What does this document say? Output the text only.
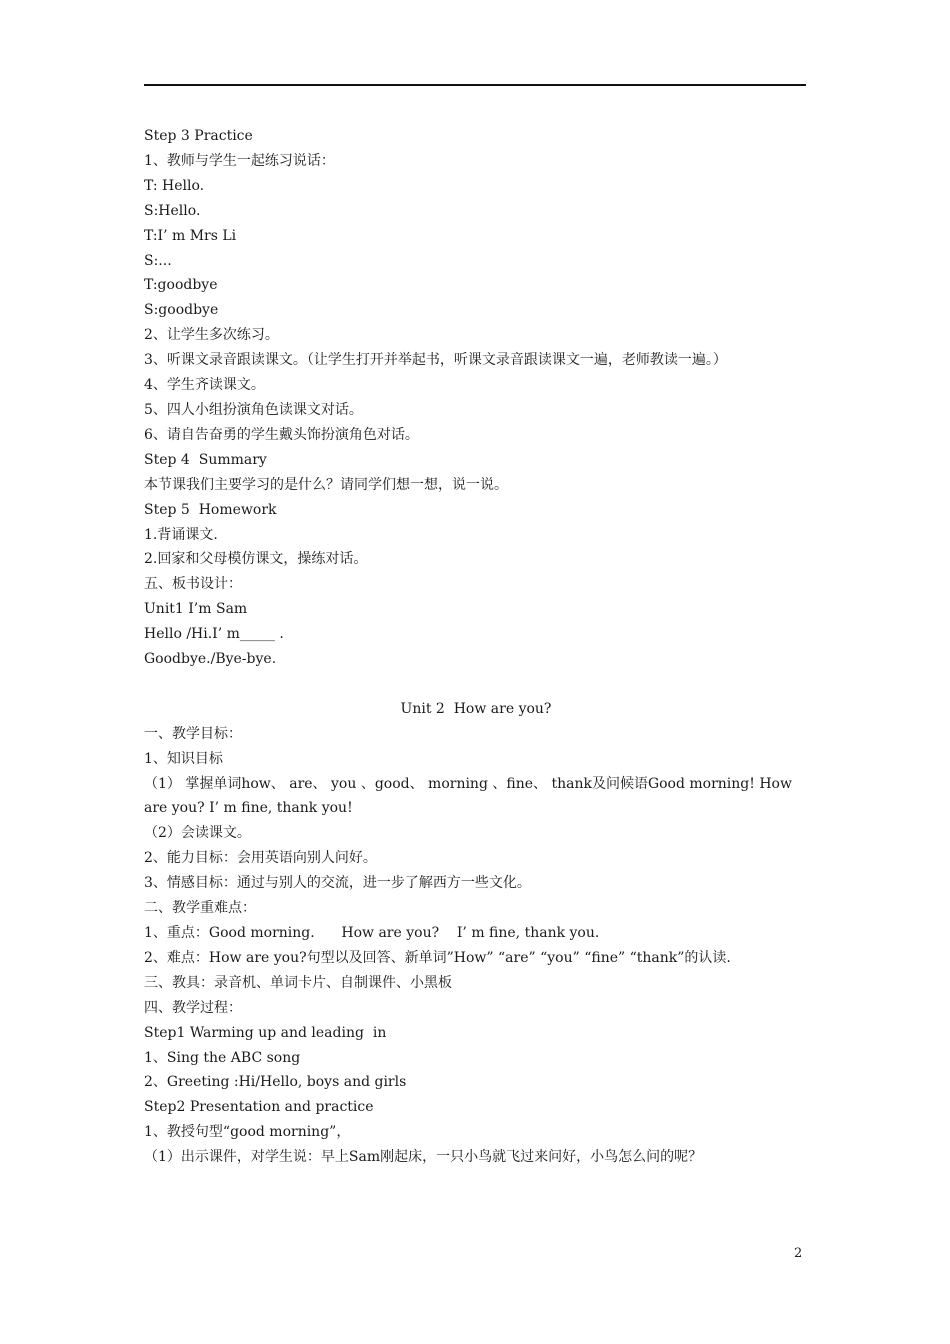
Step 3 Practice
1、教师与学生一起练习说话：
T: Hello.
S:Hello.
T:I’ m Mrs Li
S:...
T:goodbye
S:goodbye
2、让学生多次练习。
3、听课文录音跟读课文。（让学生打开并举起书，听课文录音跟读课文一遍，老师教读一遍。）
4、学生齐读课文。
5、四人小组扮演角色读课文对话。
6、请自告奋勇的学生戴头饰扮演角色对话。
Step 4  Summary
本节课我们主要学习的是什么？请同学们想一想，说一说。
Step 5  Homework
1.背诵课文.
2.回家和父母模仿课文，操练对话。
五、板书设计：
Unit1 I’m Sam
Hello /Hi.I’ m_____ .
Goodbye./Bye-bye.
Unit 2  How are you?
一、教学目标：
1、知识目标
（1） 掌握单词how、 are、 you 、good、 morning 、fine、 thank及问候语Good morning! How are you? I’ m fine, thank you!
（2）会读课文。
2、能力目标：会用英语向别人问好。
3、情感目标：通过与别人的交流，进一步了解西方一些文化。
二、教学重难点：
1、重点：Good morning.      How are you?    I’ m fine, thank you.
2、难点：How are you?句型以及回答、新单词”How” “are” “you” “fine” “thank”的认读.
三、教具：录音机、单词卡片、自制课件、小黑板
四、教学过程：
Step1 Warming up and leading  in
1、Sing the ABC song
2、Greeting :Hi/Hello, boys and girls
Step2 Presentation and practice
1、教授句型“good morning”，
（1）出示课件，对学生说：早上Sam刚起床，一只小鸟就飞过来问好，小鸟怎么问的呢？
2
